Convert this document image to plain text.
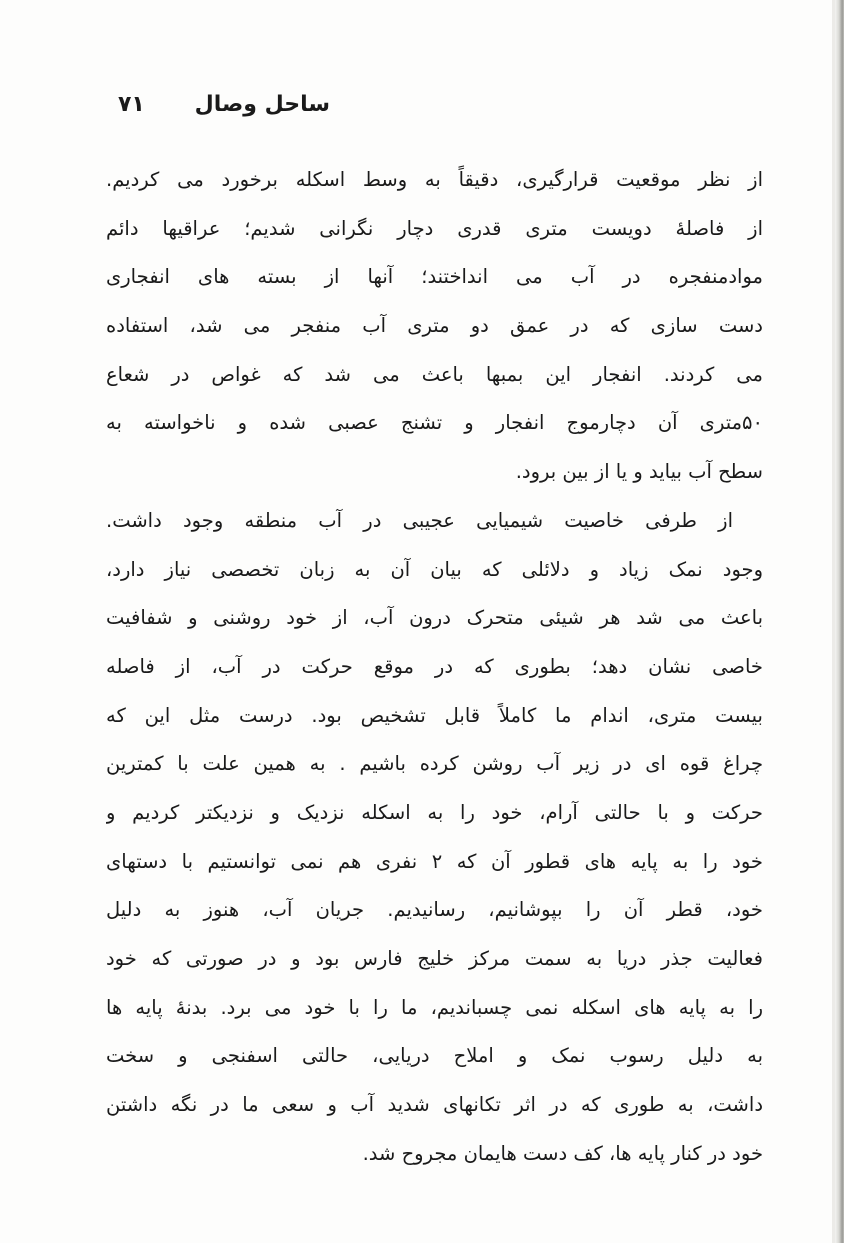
ساحل وصال
۷۱
از نظر موقعیت قرارگیری، دقیقاً به وسط اسکله برخورد می کردیم.
از فاصلهٔ دویست متری قدری دچار نگرانی شدیم؛ عراقیها دائم
موادمنفجره در آب می انداختند؛ آنها از بسته های انفجاری
دست سازی که در عمق دو متری آب منفجر می شد، استفاده
می کردند. انفجار این بمبها باعث می شد که غواص در شعاع
۵۰متری آن دچارموج انفجار و تشنج عصبی شده و ناخواسته به
سطح آب بیاید و یا از بین برود.
از طرفی خاصیت شیمیایی عجیبی در آب منطقه وجود داشت.
وجود نمک زیاد و دلائلی که بیان آن به زبان تخصصی نیاز دارد،
باعث می شد هر شیئی متحرک درون آب، از خود روشنی و شفافیت
خاصی نشان دهد؛ بطوری که در موقع حرکت در آب، از فاصله
بیست متری، اندام ما کاملاً قابل تشخیص بود. درست مثل این که
چراغ قوه ای در زیر آب روشن کرده باشیم . به همین علت با کمترین
حرکت و با حالتی آرام، خود را به اسکله نزدیک و نزدیکتر کردیم و
خود را به پایه های قطور آن که ۲ نفری هم نمی توانستیم با دستهای
خود، قطر آن را بپوشانیم، رسانیدیم. جریان آب، هنوز به دلیل
فعالیت جذر دریا به سمت مرکز خلیج فارس بود و در صورتی که خود
را به پایه های اسکله نمی چسباندیم، ما را با خود می برد. بدنهٔ پایه ها
به دلیل رسوب نمک و املاح دریایی، حالتی اسفنجی و سخت
داشت، به طوری که در اثر تکانهای شدید آب و سعی ما در نگه داشتن
خود در کنار پایه ها، کف دست هایمان مجروح شد.
